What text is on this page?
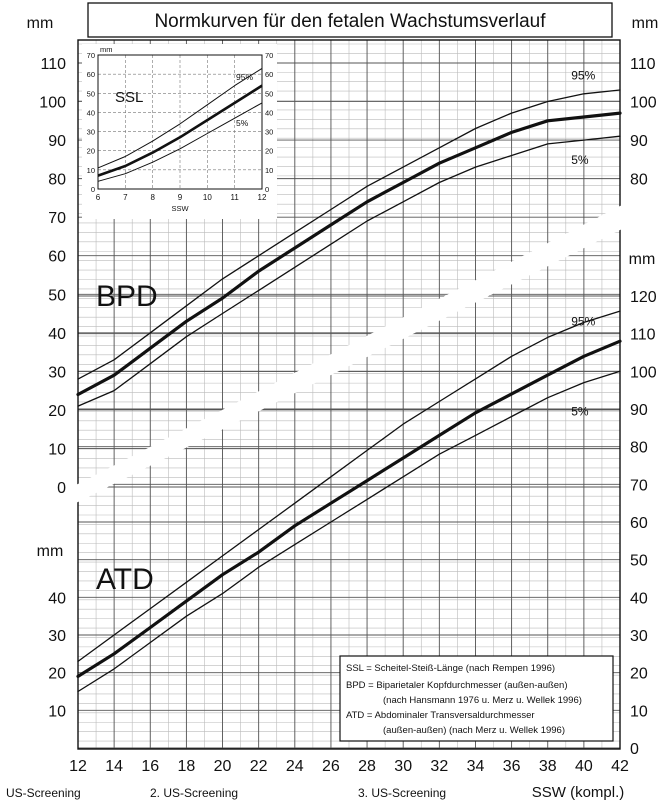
0	0
10	10
20	20
30	30
40	40
50	50
60	60
70	70
6	7	8	9	10 11 12
mm
SSW
SSL
95%
5%
95%
5%
95%
5%
BPD
ATD
0
10
20
30
40
50
60
70
80
90
100
110
mm
80
90
100
110
mm
10
20
30
40
mm
0
10
20
30
40
50
60
70
80
90
100
110
120
mm
12 14 16 18 20 22 24 26 28 30 32 34 36 38 40 42
SSW (kompl.)
US-Screening	2. US-Screening	3. US-Screening
Normkurven für den fetalen Wachstumsverlauf
SSL = Scheitel-Steiß-Länge (nach Rempen 1996)
BPD = Biparietaler Kopfdurchmesser (außen-außen)
(nach Hansmann 1976 u. Merz u. Wellek 1996)
ATD = Abdominaler Transversaldurchmesser
(außen-außen) (nach Merz u. Wellek 1996)
